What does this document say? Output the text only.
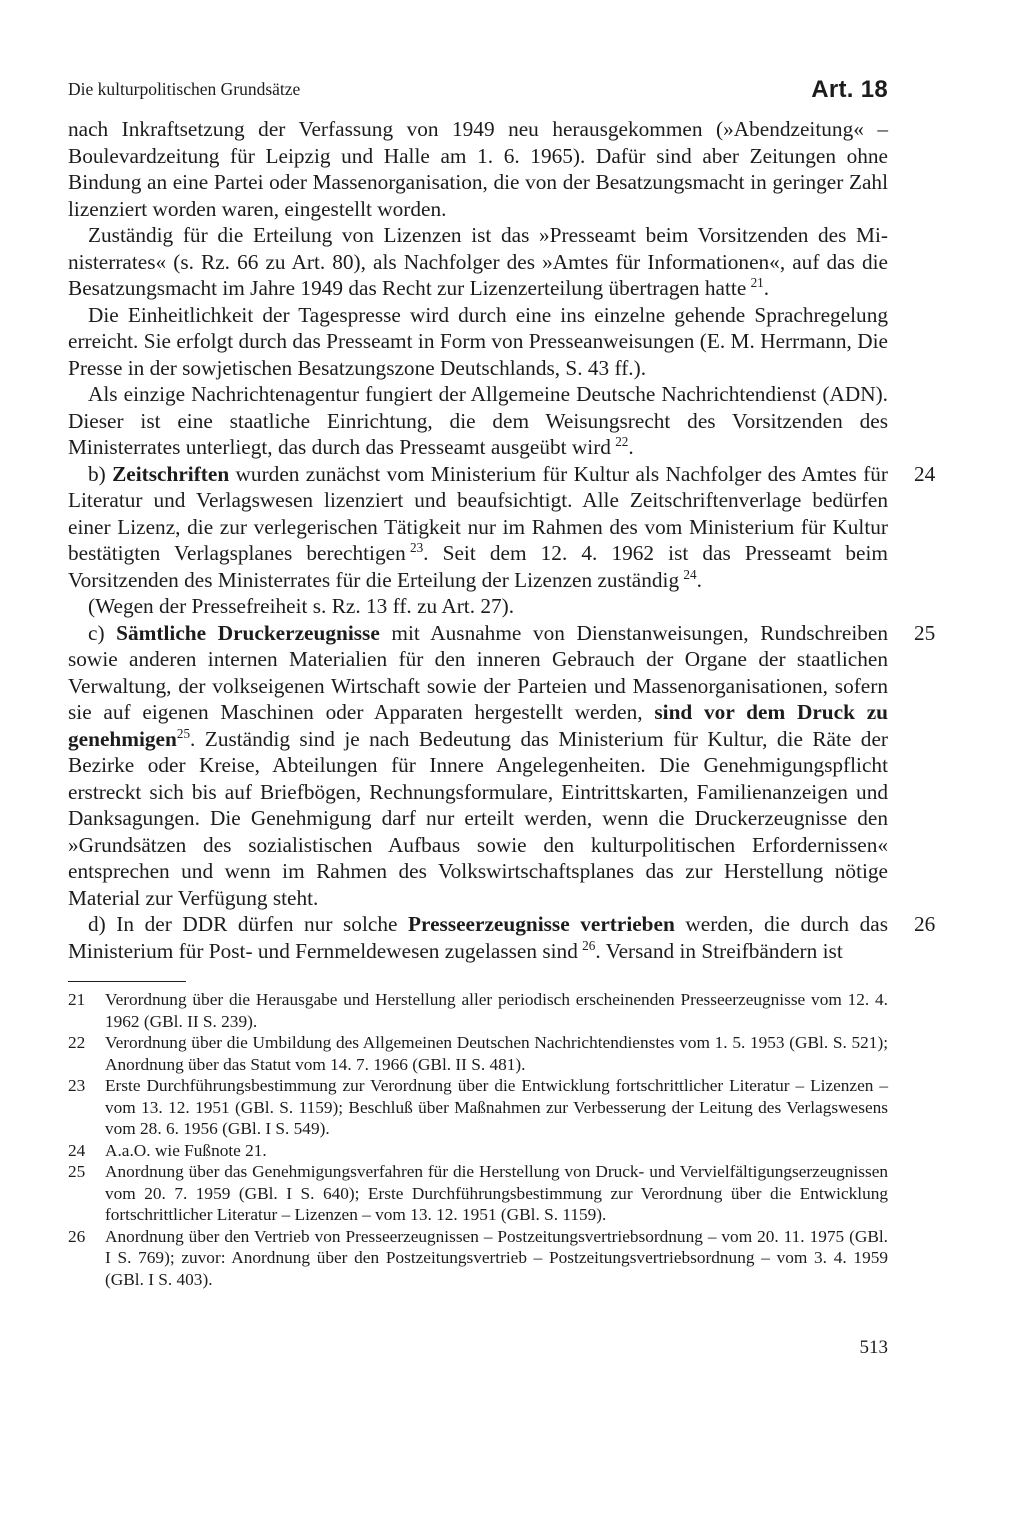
Die kulturpolitischen Grundsätze	Art. 18

nach Inkraftsetzung der Verfassung von 1949 neu herausgekommen (»Abendzeitung« – Boulevardzeitung für Leipzig und Halle am 1. 6. 1965). Dafür sind aber Zeitungen ohne Bindung an eine Partei oder Massenorganisation, die von der Besatzungsmacht in geringer Zahl lizenziert worden waren, eingestellt worden.

Zuständig für die Erteilung von Lizenzen ist das »Presseamt beim Vorsitzenden des Ministerrates« (s. Rz. 66 zu Art. 80), als Nachfolger des »Amtes für Informationen«, auf das die Besatzungsmacht im Jahre 1949 das Recht zur Lizenzerteilung übertragen hatte  $^{21}$.

Die Einheitlichkeit der Tagespresse wird durch eine ins einzelne gehende Sprachregelung erreicht. Sie erfolgt durch das Presseamt in Form von Presseanweisungen (E. M. Herrmann, Die Presse in der sowjetischen Besatzungszone Deutschlands, S. 43 ff.).

Als einzige Nachrichtenagentur fungiert der Allgemeine Deutsche Nachrichtendienst (ADN). Dieser ist eine staatliche Einrichtung, die dem Weisungsrecht des Vorsitzenden des Ministerrates unterliegt, das durch das Presseamt ausgeübt wird  $^{22}$.

24
b) Zeitschriften wurden zunächst vom Ministerium für Kultur als Nachfolger des Amtes für Literatur und Verlagswesen lizenziert und beaufsichtigt. Alle Zeitschriftenverlage bedürfen einer Lizenz, die zur verlegerischen Tätigkeit nur im Rahmen des vom Ministerium für Kultur bestätigten Verlagsplanes berechtigen  $^{23}$. Seit dem 12. 4. 1962 ist das Presseamt beim Vorsitzenden des Ministerrates für die Erteilung der Lizenzen zuständig  $^{24}$.

(Wegen der Pressefreiheit s. Rz. 13 ff. zu Art. 27).

25
c) Sämtliche Druckerzeugnisse mit Ausnahme von Dienstanweisungen, Rundschreiben sowie anderen internen Materialien für den inneren Gebrauch der Organe der staatlichen Verwaltung, der volkseigenen Wirtschaft sowie der Parteien und Massenorganisationen, sofern sie auf eigenen Maschinen oder Apparaten hergestellt werden, sind vor dem Druck zu genehmigen$^{25}$. Zuständig sind je nach Bedeutung das Ministerium für Kultur, die Räte der Bezirke oder Kreise, Abteilungen für Innere Angelegenheiten. Die Genehmigungspflicht erstreckt sich bis auf Briefbögen, Rechnungsformulare, Eintrittskarten, Familienanzeigen und Danksagungen. Die Genehmigung darf nur erteilt werden, wenn die Druckerzeugnisse den »Grundsätzen des sozialistischen Aufbaus sowie den kulturpolitischen Erfordernissen« entsprechen und wenn im Rahmen des Volkswirtschaftsplanes das zur Herstellung nötige Material zur Verfügung steht.

26
d) In der DDR dürfen nur solche Presseerzeugnisse vertrieben werden, die durch das Ministerium für Post- und Fernmeldewesen zugelassen sind  $^{26}$. Versand in Streifbändern ist

21	Verordnung über die Herausgabe und Herstellung aller periodisch erscheinenden Presseerzeugnisse vom 12. 4. 1962 (GBl. II S. 239).
22	Verordnung über die Umbildung des Allgemeinen Deutschen Nachrichtendienstes vom 1. 5. 1953 (GBl. S. 521); Anordnung über das Statut vom 14. 7. 1966 (GBl. II S. 481).
23	Erste Durchführungsbestimmung zur Verordnung über die Entwicklung fortschrittlicher Literatur – Lizenzen – vom 13. 12. 1951 (GBl. S. 1159); Beschluß über Maßnahmen zur Verbesserung der Leitung des Verlagswesens vom 28. 6. 1956 (GBl. I S. 549).
24	A.a.O. wie Fußnote 21.
25	Anordnung über das Genehmigungsverfahren für die Herstellung von Druck- und Vervielfältigungserzeugnissen vom 20. 7. 1959 (GBl. I S. 640); Erste Durchführungsbestimmung zur Verordnung über die Entwicklung fortschrittlicher Literatur – Lizenzen – vom 13. 12. 1951 (GBl. S. 1159).
26	Anordnung über den Vertrieb von Presseerzeugnissen – Postzeitungsvertriebsordnung – vom 20. 11. 1975 (GBl. I S. 769); zuvor: Anordnung über den Postzeitungsvertrieb – Postzeitungsvertriebsordnung – vom 3. 4. 1959 (GBl. I S. 403).
513
